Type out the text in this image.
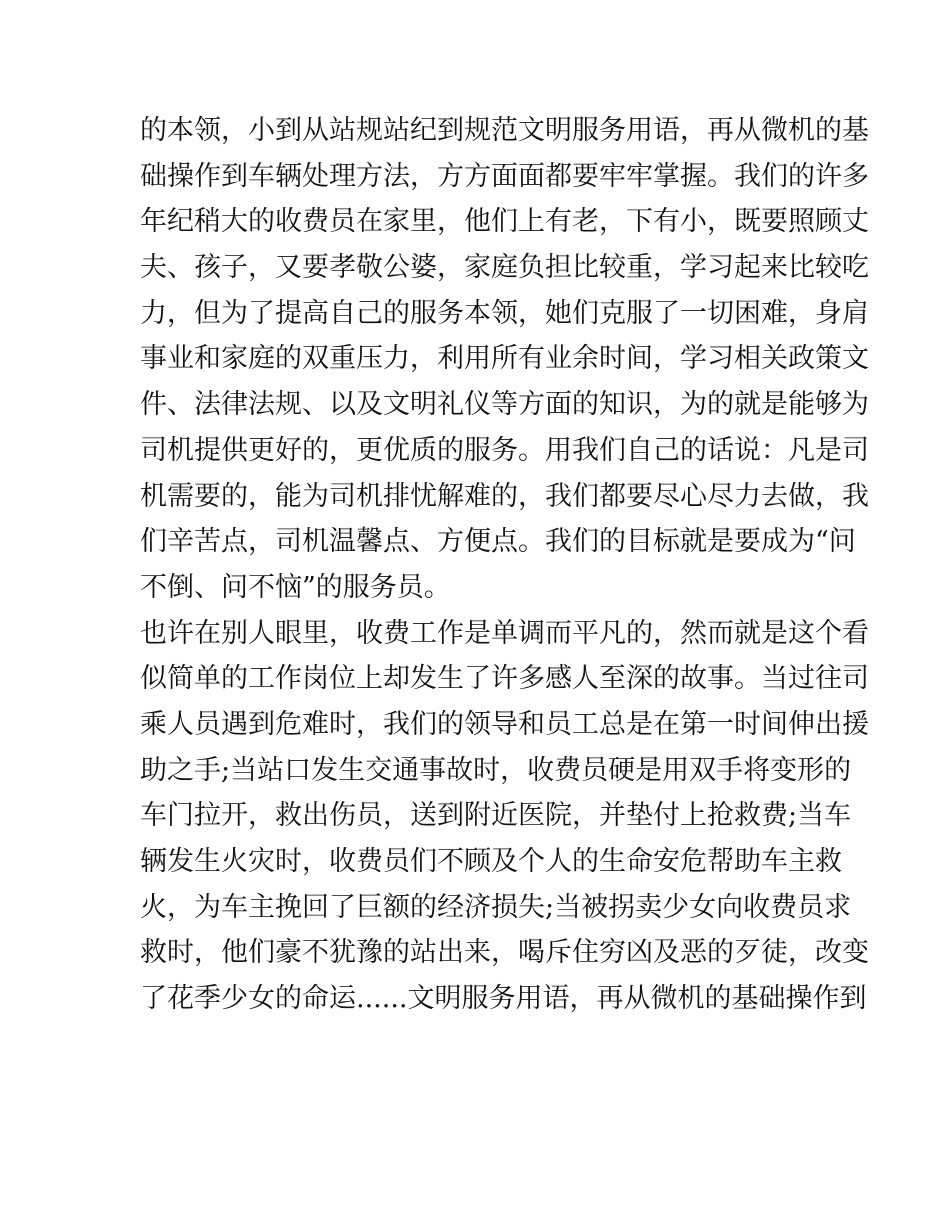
的本领，小到从站规站纪到规范文明服务用语，再从微机的基
础操作到车辆处理方法，方方面面都要牢牢掌握。我们的许多
年纪稍大的收费员在家里，他们上有老，下有小，既要照顾丈
夫、孩子，又要孝敬公婆，家庭负担比较重，学习起来比较吃
力，但为了提高自己的服务本领，她们克服了一切困难，身肩
事业和家庭的双重压力，利用所有业余时间，学习相关政策文
件、法律法规、以及文明礼仪等方面的知识，为的就是能够为
司机提供更好的，更优质的服务。用我们自己的话说：凡是司
机需要的，能为司机排忧解难的，我们都要尽心尽力去做，我
们辛苦点，司机温馨点、方便点。我们的目标就是要成为“问
不倒、问不恼”的服务员。
也许在别人眼里，收费工作是单调而平凡的，然而就是这个看
似简单的工作岗位上却发生了许多感人至深的故事。当过往司
乘人员遇到危难时，我们的领导和员工总是在第一时间伸出援
助之手;当站口发生交通事故时，收费员硬是用双手将变形的
车门拉开，救出伤员，送到附近医院，并垫付上抢救费;当车
辆发生火灾时，收费员们不顾及个人的生命安危帮助车主救
火，为车主挽回了巨额的经济损失;当被拐卖少女向收费员求
救时，他们豪不犹豫的站出来，喝斥住穷凶及恶的歹徒，改变
了花季少女的命运......文明服务用语，再从微机的基础操作到
